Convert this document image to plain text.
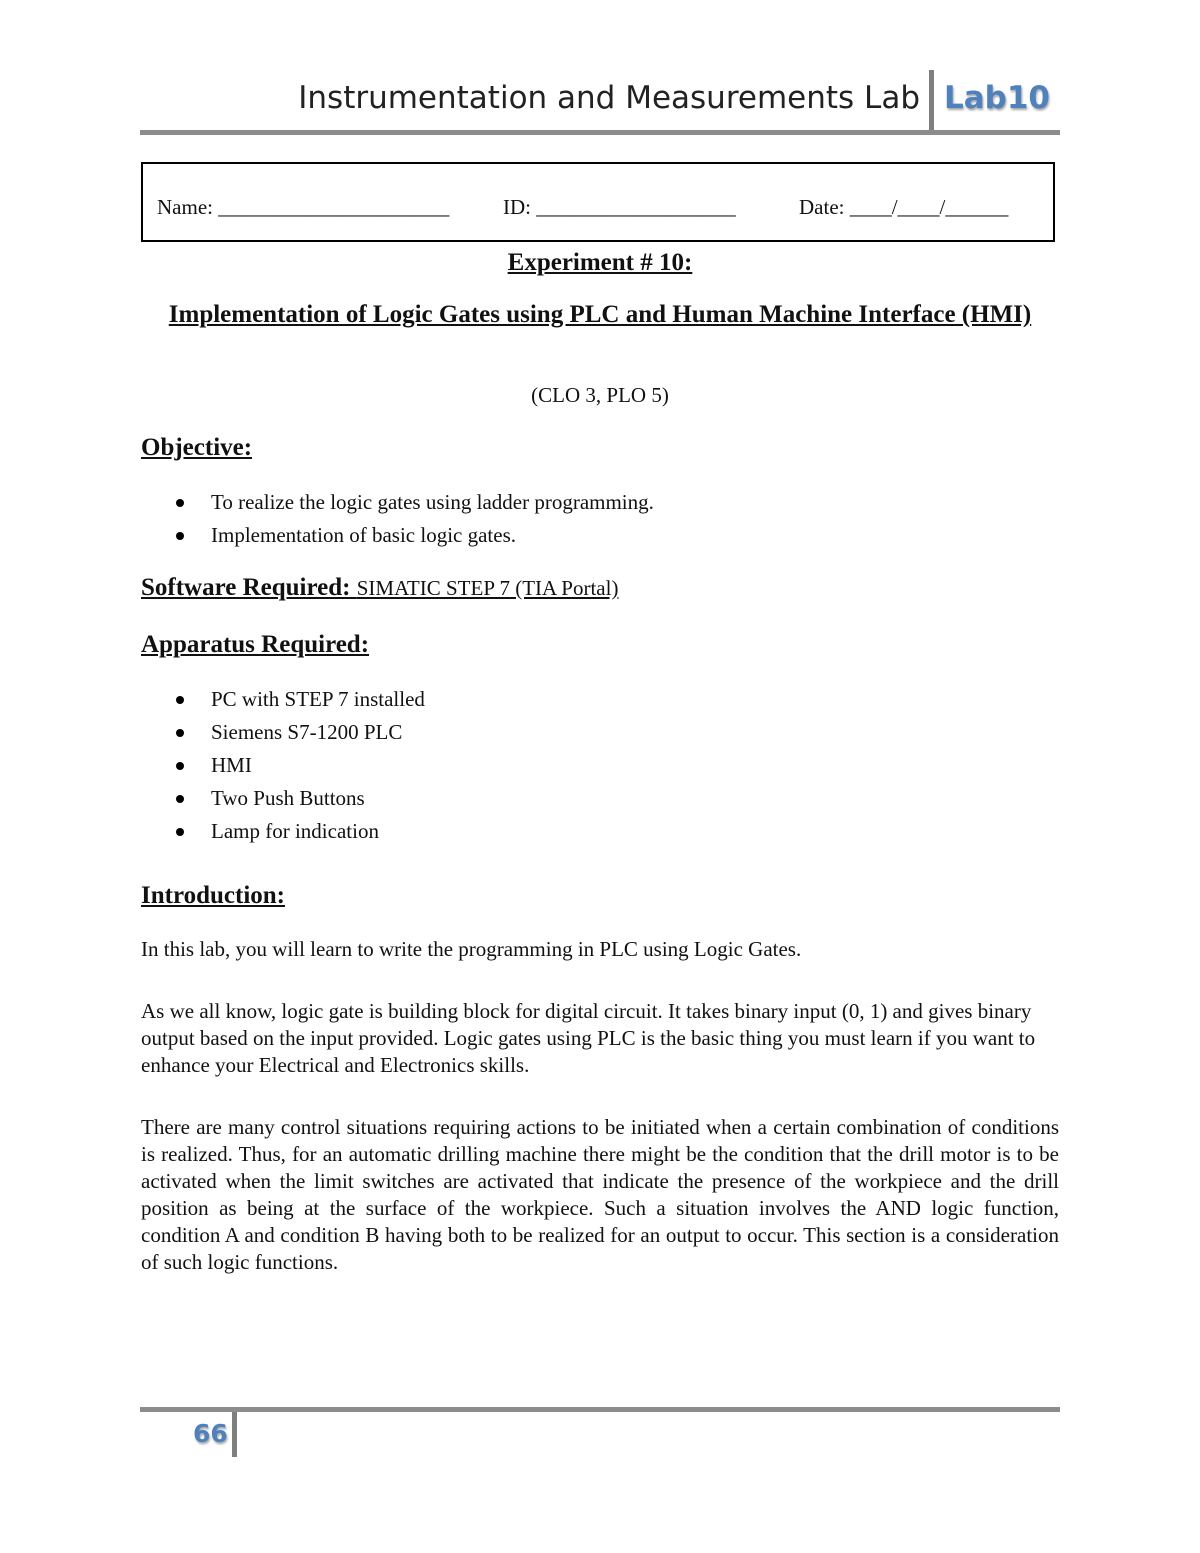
Instrumentation and Measurements Lab Lab10
Name: ______________________	ID: ___________________	Date: ____/____/______
Experiment # 10:
Implementation of Logic Gates using PLC and Human Machine Interface (HMI)
(CLO 3, PLO 5)
Objective:
To realize the logic gates using ladder programming.
Implementation of basic logic gates.
Software Required: SIMATIC STEP 7 (TIA Portal)
Apparatus Required:
PC with STEP 7 installed
Siemens S7-1200 PLC
HMI
Two Push Buttons
Lamp for indication
Introduction:

In this lab, you will learn to write the programming in PLC using Logic Gates.

As we all know, logic gate is building block for digital circuit. It takes binary input (0, 1) and gives binary output based on the input provided. Logic gates using PLC is the basic thing you must learn if you want to enhance your Electrical and Electronics skills.

There are many control situations requiring actions to be initiated when a certain combination of conditions is realized. Thus, for an automatic drilling machine there might be the condition that the drill motor is to be activated when the limit switches are activated that indicate the presence of the workpiece and the drill position as being at the surface of the workpiece. Such a situation involves the AND logic function, condition A and condition B having both to be realized for an output to occur. This section is a consideration of such logic functions.

66
